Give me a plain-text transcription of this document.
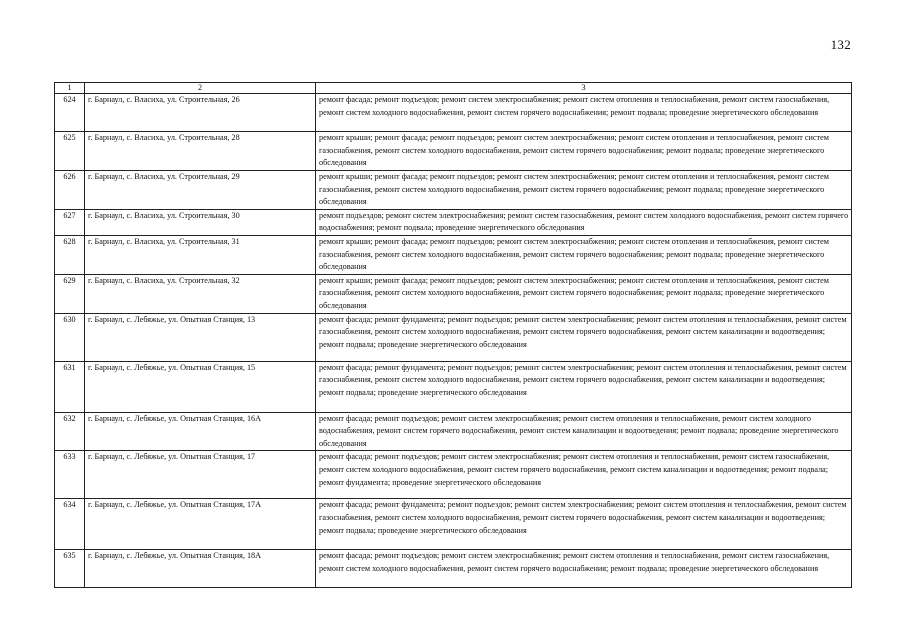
132
1	2	3
624	г. Барнаул, с. Власиха, ул. Строительная, 26	ремонт фасада; ремонт подъездов; ремонт систем электроснабжения; ремонт систем отопления и теплоснабжения, ремонт систем газоснабжения, ремонт систем холодного водоснабжения, ремонт систем горячего водоснабжения; ремонт подвала; проведение энергетического обследования
625	г. Барнаул, с. Власиха, ул. Строительная, 28	ремонт крыши; ремонт фасада; ремонт подъездов; ремонт систем электроснабжения; ремонт систем отопления и теплоснабжения, ремонт систем газоснабжения, ремонт систем холодного водоснабжения, ремонт систем горячего водоснабжения; ремонт подвала; проведение энергетического обследования
626	г. Барнаул, с. Власиха, ул. Строительная, 29	ремонт крыши; ремонт фасада; ремонт подъездов; ремонт систем электроснабжения; ремонт систем отопления и теплоснабжения, ремонт систем газоснабжения, ремонт систем холодного водоснабжения, ремонт систем горячего водоснабжения; ремонт подвала; проведение энергетического обследования
627	г. Барнаул, с. Власиха, ул. Строительная, 30	ремонт подъездов; ремонт систем электроснабжения; ремонт систем газоснабжения, ремонт систем холодного водоснабжения, ремонт систем горячего водоснабжения; ремонт подвала; проведение энергетического обследования
628	г. Барнаул, с. Власиха, ул. Строительная, 31	ремонт крыши; ремонт фасада; ремонт подъездов; ремонт систем электроснабжения; ремонт систем отопления и теплоснабжения, ремонт систем газоснабжения, ремонт систем холодного водоснабжения, ремонт систем горячего водоснабжения; ремонт подвала; проведение энергетического обследования
629	г. Барнаул, с. Власиха, ул. Строительная, 32	ремонт крыши; ремонт фасада; ремонт подъездов; ремонт систем электроснабжения; ремонт систем отопления и теплоснабжения, ремонт систем газоснабжения, ремонт систем холодного водоснабжения, ремонт систем горячего водоснабжения; ремонт подвала; проведение энергетического обследования
630	г. Барнаул, с. Лебяжье, ул. Опытная Станция, 13	ремонт фасада; ремонт фундамента; ремонт подъездов; ремонт систем электроснабжения; ремонт систем отопления и теплоснабжения, ремонт систем газоснабжения, ремонт систем холодного водоснабжения, ремонт систем горячего водоснабжения, ремонт систем канализации и водоотведения; ремонт подвала; проведение энергетического обследования
631	г. Барнаул, с. Лебяжье, ул. Опытная Станция, 15	ремонт фасада; ремонт фундамента; ремонт подъездов; ремонт систем электроснабжения; ремонт систем отопления и теплоснабжения, ремонт систем газоснабжения, ремонт систем холодного водоснабжения, ремонт систем горячего водоснабжения, ремонт систем канализации и водоотведения; ремонт подвала; проведение энергетического обследования
632	г. Барнаул, с. Лебяжье, ул. Опытная Станция, 16А	ремонт фасада; ремонт подъездов; ремонт систем электроснабжения; ремонт систем отопления и теплоснабжения, ремонт систем холодного водоснабжения, ремонт систем горячего водоснабжения, ремонт систем канализации и водоотведения; ремонт подвала; проведение энергетического обследования
633	г. Барнаул, с. Лебяжье, ул. Опытная Станция, 17	ремонт фасада; ремонт подъездов; ремонт систем электроснабжения; ремонт систем отопления и теплоснабжения, ремонт систем газоснабжения, ремонт систем холодного водоснабжения, ремонт систем горячего водоснабжения, ремонт систем канализации и водоотведения; ремонт подвала; ремонт фундамента; проведение энергетического обследования
634	г. Барнаул, с. Лебяжье, ул. Опытная Станция, 17А	ремонт фасада; ремонт фундамента; ремонт подъездов; ремонт систем электроснабжения; ремонт систем отопления и теплоснабжения, ремонт систем газоснабжения, ремонт систем холодного водоснабжения, ремонт систем горячего водоснабжения, ремонт систем канализации и водоотведения; ремонт подвала; проведение энергетического обследования
635	г. Барнаул, с. Лебяжье, ул. Опытная Станция, 18А	ремонт фасада; ремонт подъездов; ремонт систем электроснабжения; ремонт систем отопления и теплоснабжения, ремонт систем газоснабжения, ремонт систем холодного водоснабжения, ремонт систем горячего водоснабжения; ремонт подвала; проведение энергетического обследования
